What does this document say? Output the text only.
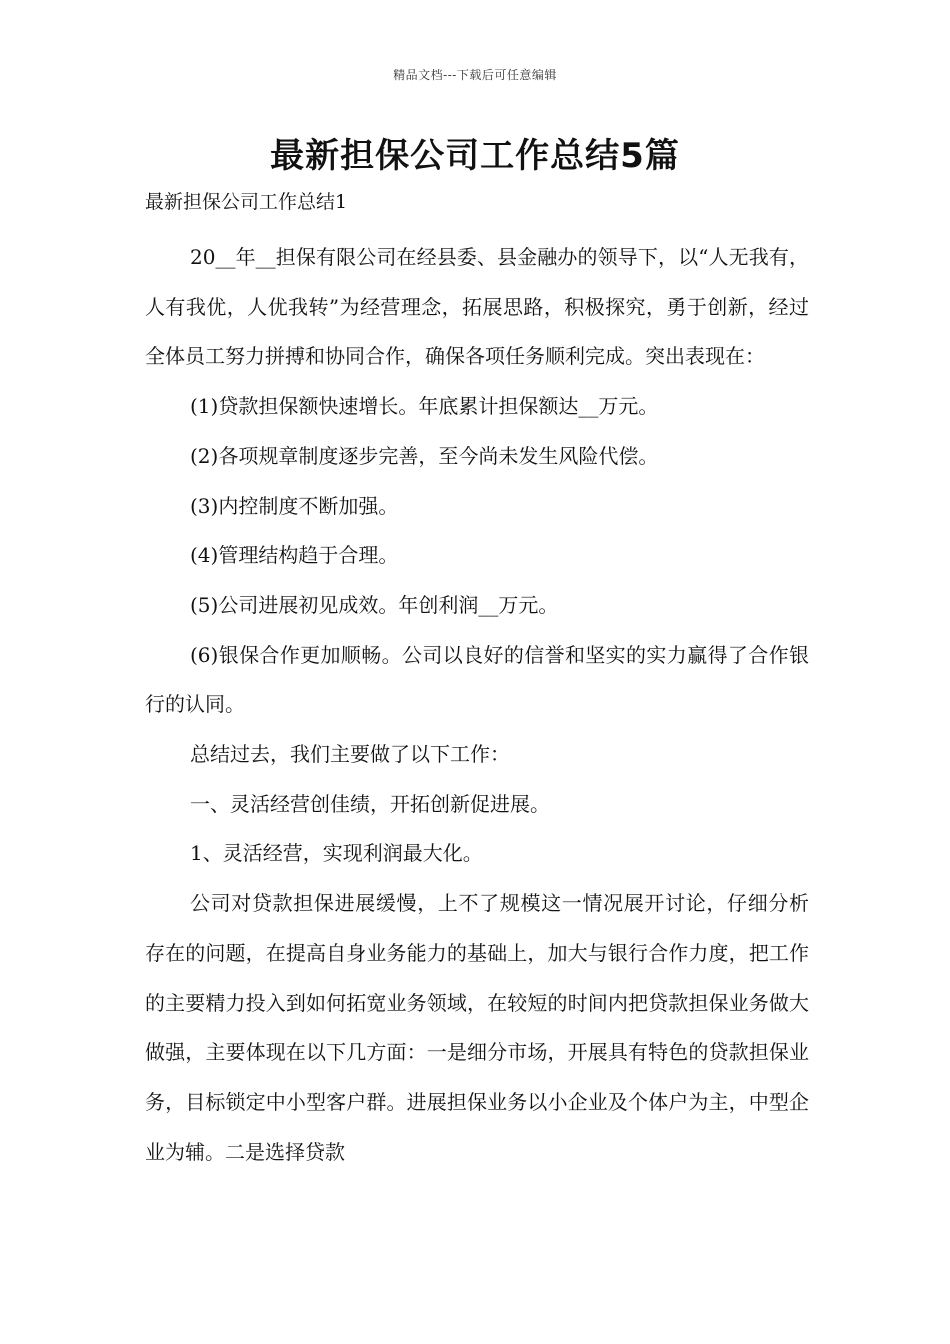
精品文档---下载后可任意编辑
最新担保公司工作总结5篇
最新担保公司工作总结1

20__年__担保有限公司在经县委、县金融办的领导下，以“人无我有，人有我优，人优我转”为经营理念，拓展思路，积极探究，勇于创新，经过全体员工努力拼搏和协同合作，确保各项任务顺利完成。突出表现在：

(1)贷款担保额快速增长。年底累计担保额达__万元。

(2)各项规章制度逐步完善，至今尚未发生风险代偿。

(3)内控制度不断加强。

(4)管理结构趋于合理。

(5)公司进展初见成效。年创利润__万元。

(6)银保合作更加顺畅。公司以良好的信誉和坚实的实力赢得了合作银行的认同。

总结过去，我们主要做了以下工作：

一、灵活经营创佳绩，开拓创新促进展。

1、灵活经营，实现利润最大化。

公司对贷款担保进展缓慢，上不了规模这一情况展开讨论，仔细分析存在的问题，在提高自身业务能力的基础上，加大与银行合作力度，把工作的主要精力投入到如何拓宽业务领域，在较短的时间内把贷款担保业务做大做强，主要体现在以下几方面：一是细分市场，开展具有特色的贷款担保业务，目标锁定中小型客户群。进展担保业务以小企业及个体户为主，中型企业为辅。二是选择贷款
